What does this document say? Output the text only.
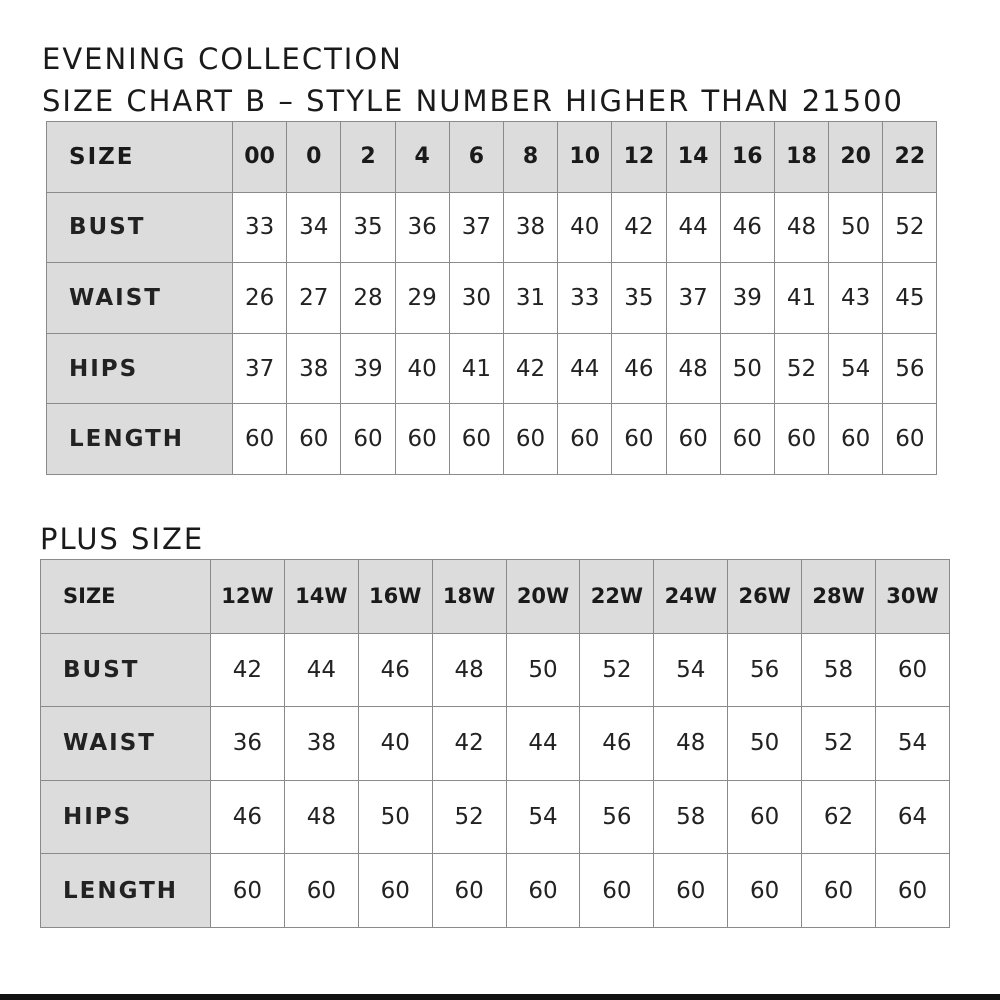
EVENING COLLECTION
SIZE CHART B – STYLE NUMBER HIGHER THAN 21500
SIZE	00	0	2	4	6	8	10	12	14	16	18	20	22
BUST	33	34	35	36	37	38	40	42	44	46	48	50	52
WAIST	26	27	28	29	30	31	33	35	37	39	41	43	45
HIPS	37	38	39	40	41	42	44	46	48	50	52	54	56
LENGTH	60	60	60	60	60	60	60	60	60	60	60	60	60
PLUS SIZE
SIZE	12W	14W	16W	18W	20W	22W	24W	26W	28W	30W
BUST	42	44	46	48	50	52	54	56	58	60
WAIST	36	38	40	42	44	46	48	50	52	54
HIPS	46	48	50	52	54	56	58	60	62	64
LENGTH	60	60	60	60	60	60	60	60	60	60
